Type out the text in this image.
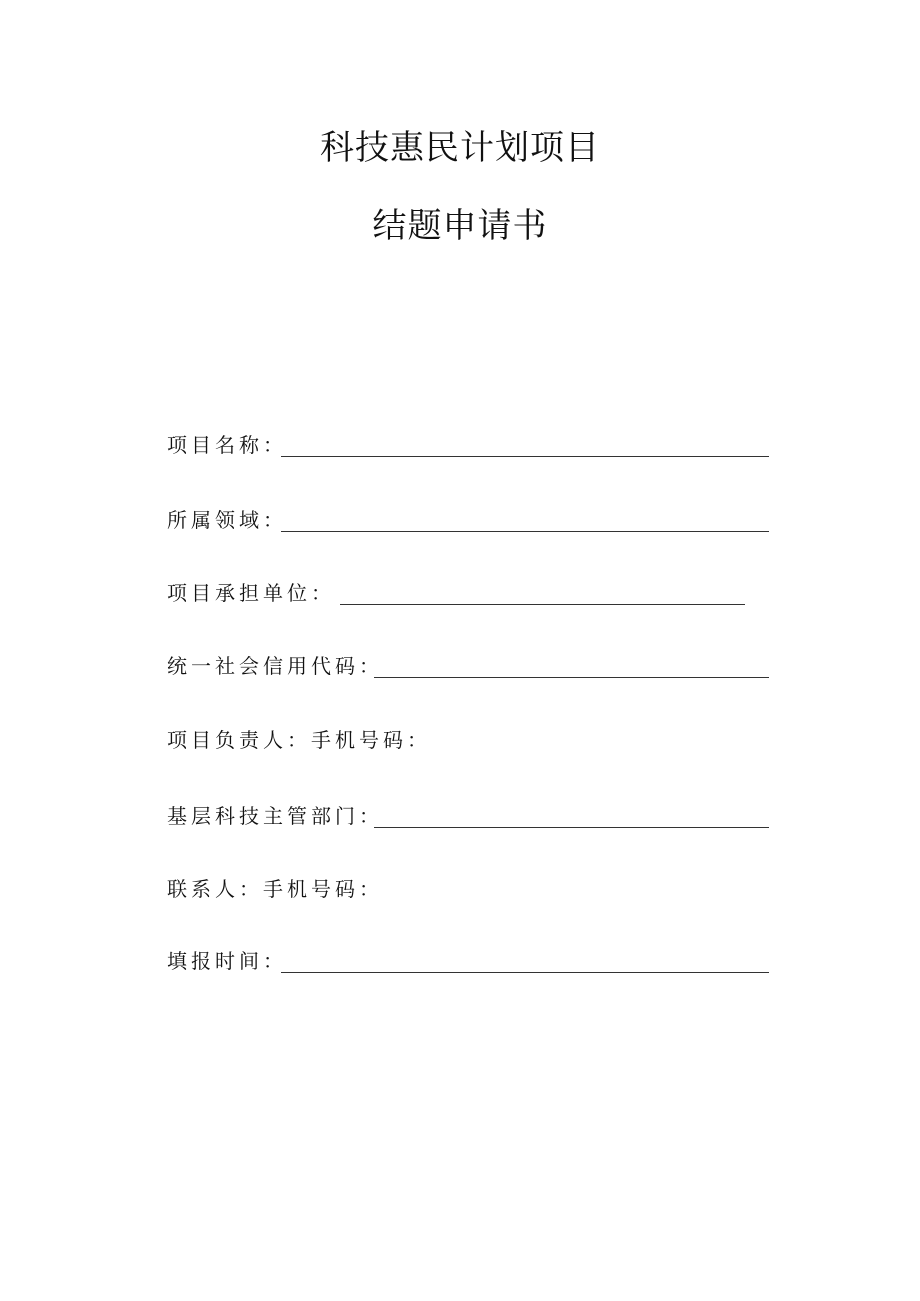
科技惠民计划项目
结题申请书
项目名称：
所属领域：
项目承担单位：
统一社会信用代码：
项目负责人：手机号码：
基层科技主管部门：
联系人：手机号码：
填报时间：
